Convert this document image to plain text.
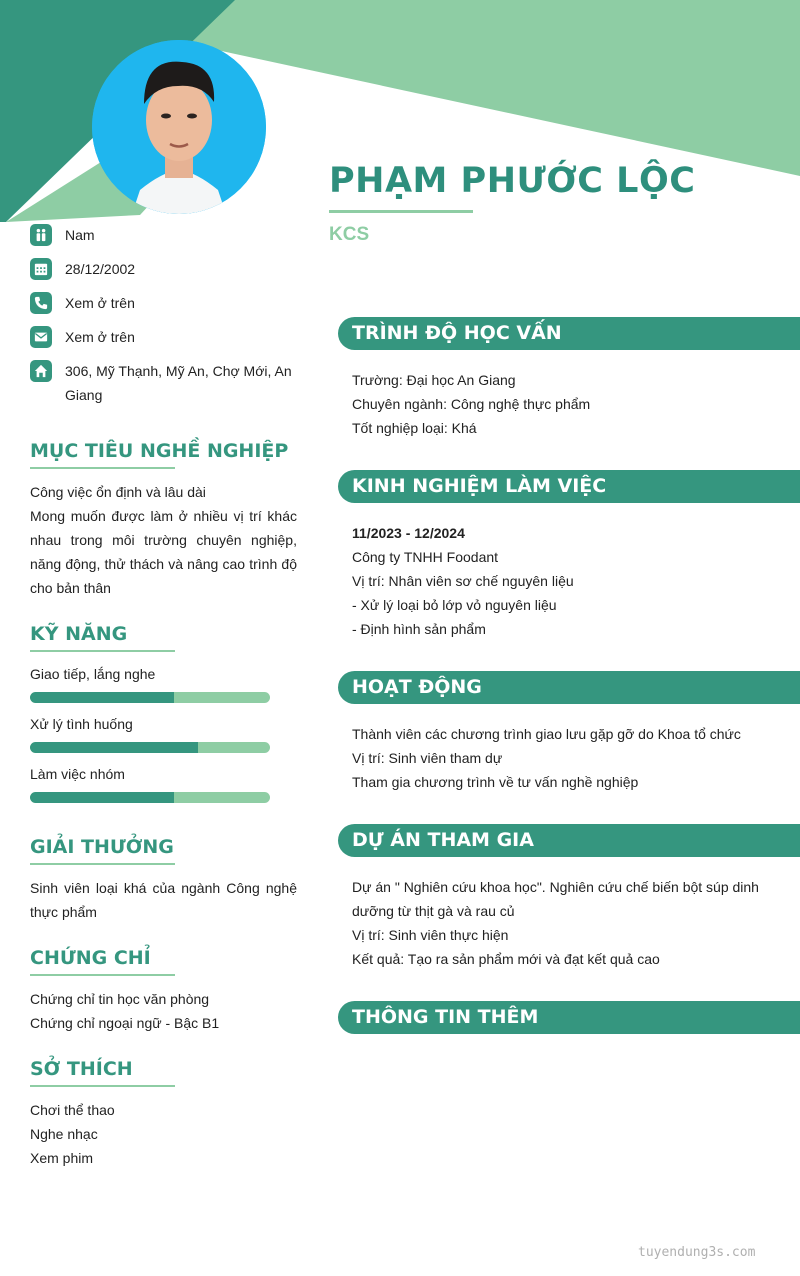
PHẠM PHƯỚC LỘC
KCS
Nam
28/12/2002
Xem ở trên
Xem ở trên
306, Mỹ Thạnh, Mỹ An, Chợ Mới, An Giang
MỤC TIÊU NGHỀ NGHIỆP
Công việc ổn định và lâu dài
Mong muốn được làm ở nhiều vị trí khác nhau trong môi trường chuyên nghiệp, năng động, thử thách và nâng cao trình độ cho bản thân
KỸ NĂNG
Giao tiếp, lắng nghe
Xử lý tình huống
Làm việc nhóm
GIẢI THƯỞNG
Sinh viên loại khá của ngành Công nghệ thực phẩm
CHỨNG CHỈ
Chứng chỉ tin học văn phòng
Chứng chỉ ngoại ngữ - Bậc B1
SỞ THÍCH
Chơi thể thao
Nghe nhạc
Xem phim
TRÌNH ĐỘ HỌC VẤN
Trường: Đại học An Giang
Chuyên ngành: Công nghệ thực phẩm
Tốt nghiệp loại: Khá
KINH NGHIỆM LÀM VIỆC
11/2023 - 12/2024
Công ty TNHH Foodant
Vị trí: Nhân viên sơ chế nguyên liệu
- Xử lý loại bỏ lớp vỏ nguyên liệu
- Định hình sản phẩm
HOẠT ĐỘNG
Thành viên các chương trình giao lưu gặp gỡ do Khoa tổ chức
Vị trí: Sinh viên tham dự
Tham gia chương trình về tư vấn nghề nghiệp
DỰ ÁN THAM GIA
Dự án " Nghiên cứu khoa học". Nghiên cứu chế biến bột súp dinh dưỡng từ thịt gà và rau củ
Vị trí: Sinh viên thực hiện
Kết quả: Tạo ra sản phẩm mới và đạt kết quả cao
THÔNG TIN THÊM
tuyendung3s.com
